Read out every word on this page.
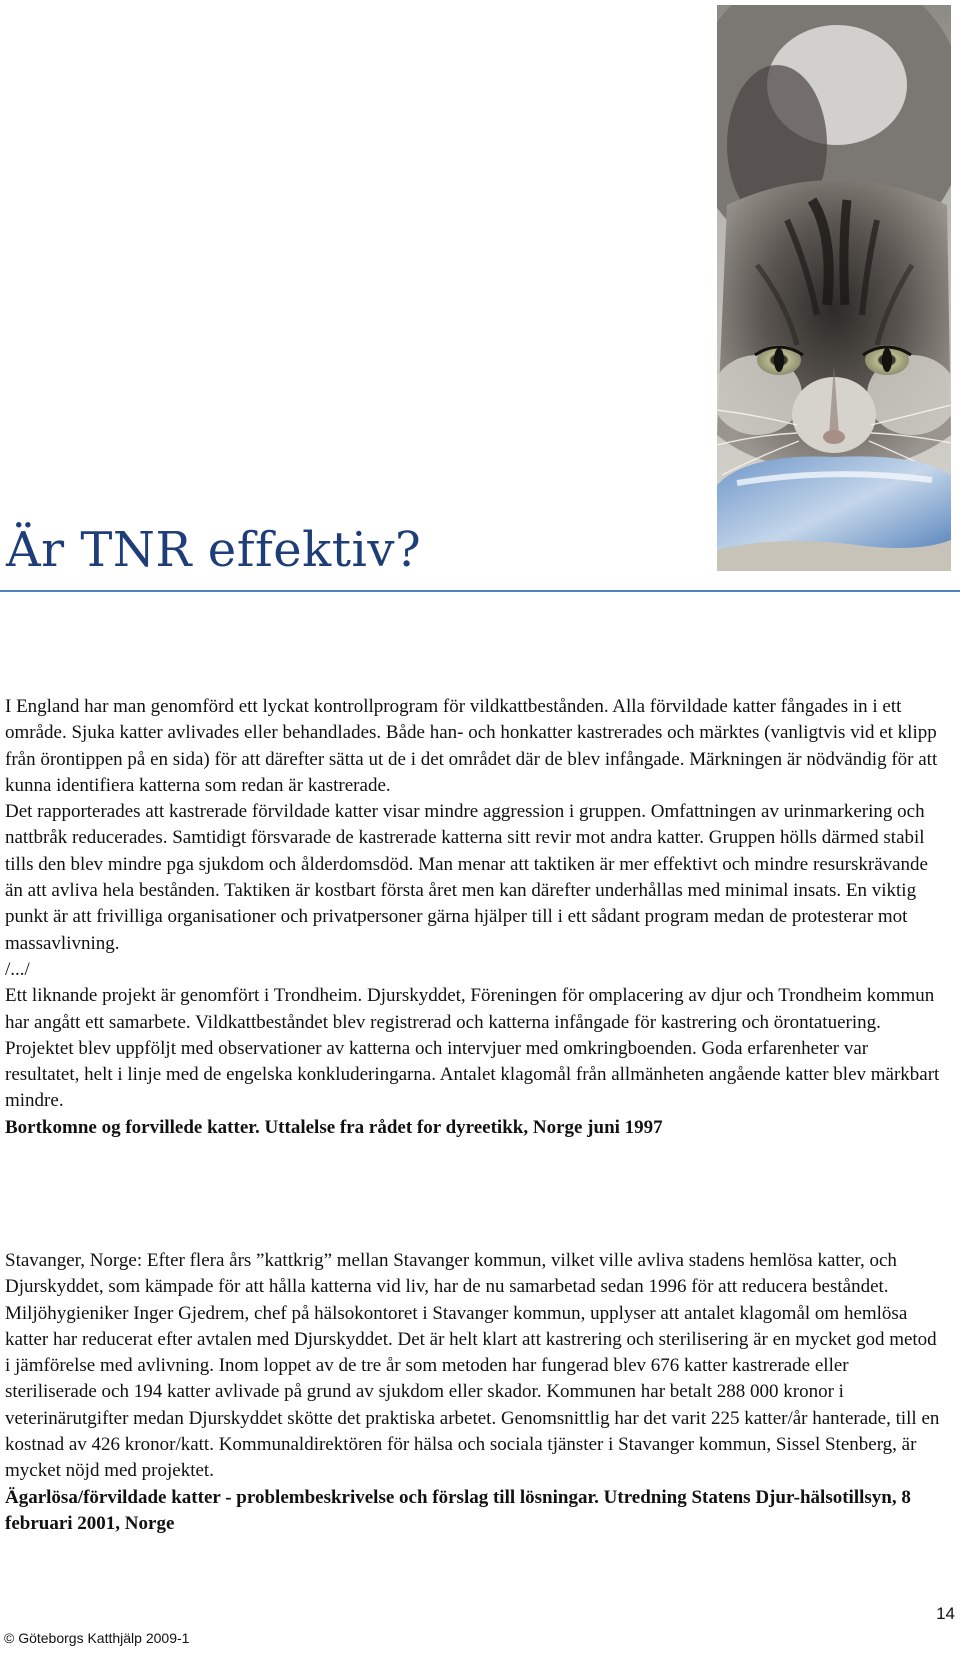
Är TNR effektiv?

I England har man genomförd ett lyckat kontrollprogram för vildkattbestånden. Alla förvildade katter fångades in i ett område. Sjuka katter avlivades eller behandlades. Både han- och honkatter kastrerades och märktes (vanligtvis vid et klipp från örontippen på en sida) för att därefter sätta ut de i det området där de blev infångade. Märkningen är nödvändig för att kunna identifiera katterna som redan är kastrerade.

Det rapporterades att kastrerade förvildade katter visar mindre aggression i gruppen. Omfattningen av urinmarkering och nattbråk reducerades. Samtidigt försvarade de kastrerade katterna sitt revir mot andra katter. Gruppen hölls därmed stabil tills den blev mindre pga sjukdom och ålderdomsdöd. Man menar att taktiken är mer effektivt och mindre resurskrävande än att avliva hela bestånden. Taktiken är kostbart första året men kan därefter underhållas med minimal insats. En viktig punkt är att frivilliga organisationer och privatpersoner gärna hjälper till i ett sådant program medan de protesterar mot massavlivning.

/.../

Ett liknande projekt är genomfört i Trondheim. Djurskyddet, Föreningen för omplacering av djur och Trondheim kommun har angått ett samarbete. Vildkattbeståndet blev registrerad och katterna infångade för kastrering och örontatuering. Projektet blev uppföljt med observationer av katterna och intervjuer med omkringboenden. Goda erfarenheter var resultatet, helt i linje med de engelska konkluderingarna. Antalet klagomål från allmänheten angående katter blev märkbart mindre.

Bortkomne og forvillede katter. Uttalelse fra rådet for dyreetikk, Norge juni 1997

Stavanger, Norge: Efter flera års ”kattkrig” mellan Stavanger kommun, vilket ville avliva stadens hemlösa katter, och Djurskyddet, som kämpade för att hålla katterna vid liv, har de nu samarbetad sedan 1996 för att reducera beståndet. Miljöhygieniker Inger Gjedrem, chef på hälsokontoret i Stavanger kommun, upplyser att antalet klagomål om hemlösa katter har reducerat efter avtalen med Djurskyddet. Det är helt klart att kastrering och sterilisering är en mycket god metod i jämförelse med avlivning. Inom loppet av de tre år som metoden har fungerad blev 676 katter kastrerade eller steriliserade och 194 katter avlivade på grund av sjukdom eller skador. Kommunen har betalt 288 000 kronor i veterinärutgifter medan Djurskyddet skötte det praktiska arbetet. Genomsnittlig har det varit 225 katter/år hanterade, till en kostnad av 426 kronor/katt. Kommunaldirektören för hälsa och sociala tjänster i Stavanger kommun, Sissel Stenberg, är mycket nöjd med projektet.

Ägarlösa/förvildade katter - problembeskrivelse och förslag till lösningar. Utredning Statens Djur-hälsotillsyn, 8 februari 2001, Norge

14
© Göteborgs Katthjälp 2009-1
